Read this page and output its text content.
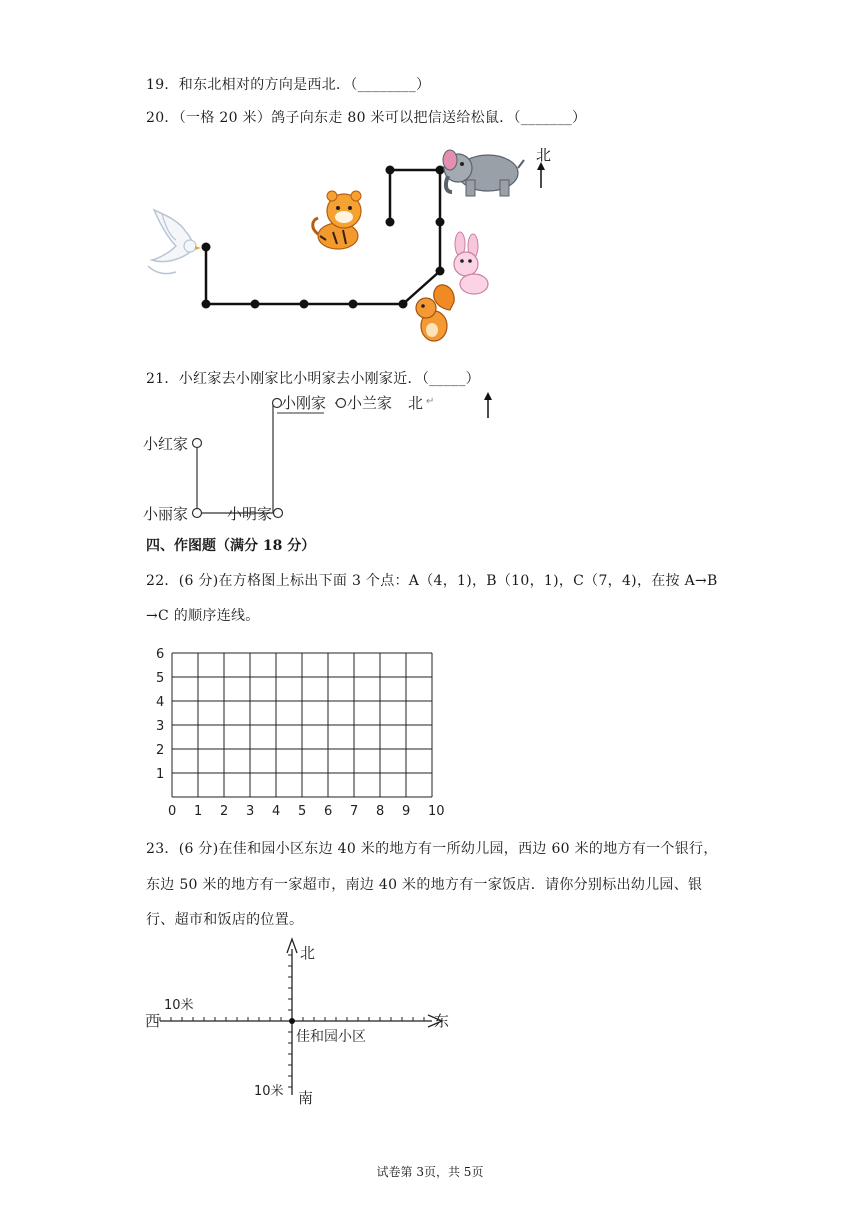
19．和东北相对的方向是西北．（________）
20．（一格 20 米）鸽子向东走 80 米可以把信送给松鼠．（_______）
北
21．小红家去小刚家比小明家去小刚家近．（_____）
小刚家 小兰家 北 ↵
小红家
小丽家	小明家
四、作图题（满分 18 分）
22．(6 分)在方格图上标出下面 3 个点：A（4，1)，B（10，1)，C（7，4)，在按 A→B
→C 的顺序连线。
1
2
3
4
5
6
0 1 2 3 4 5 6 7 8 9 10
23．(6 分)在佳和园小区东边 40 米的地方有一所幼儿园，西边 60 米的地方有一个银行，
东边 50 米的地方有一家超市，南边 40 米的地方有一家饭店．请你分别标出幼儿园、银
行、超市和饭店的位置。
北
南
东
西
佳和园小区
10米
10米
试卷第 3页，共 5页
